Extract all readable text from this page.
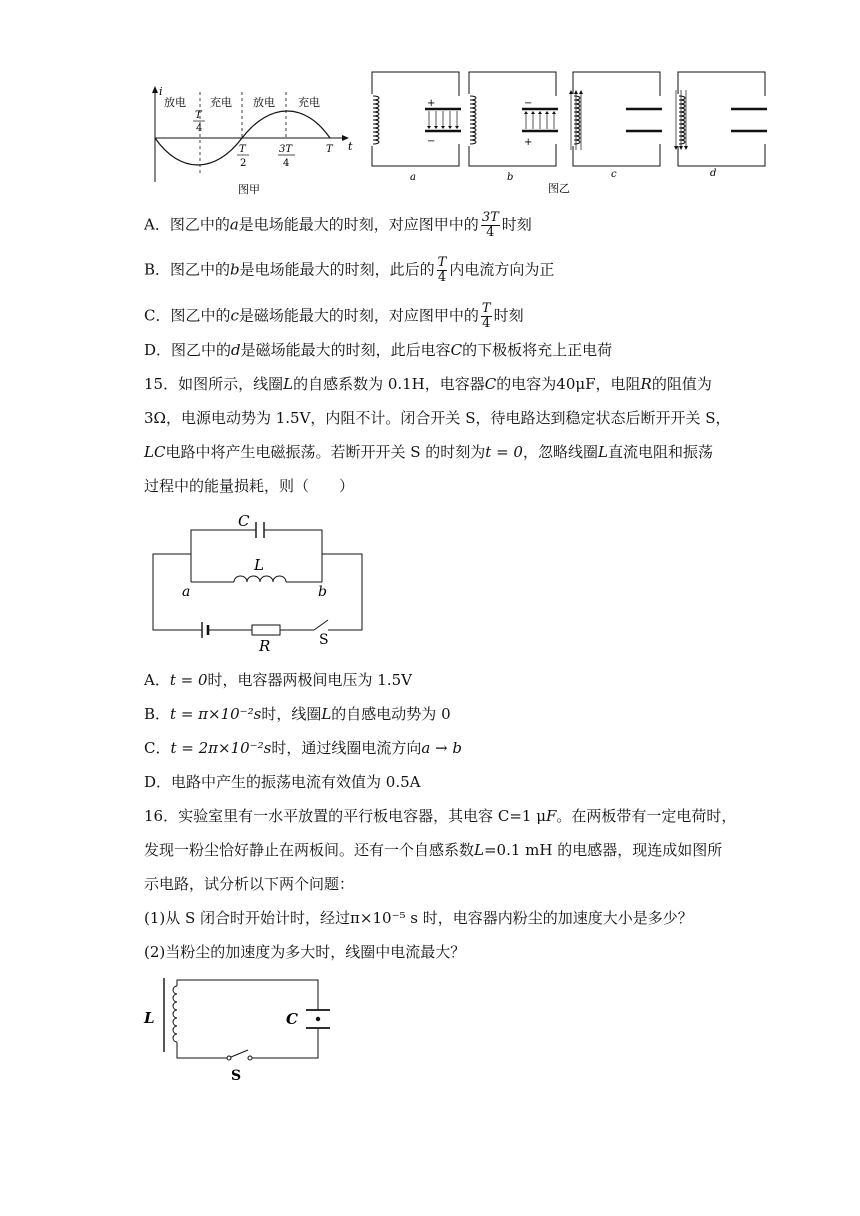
i
t
放电 充电 放电 充电
T
4
T
2
3T
4
T
图甲
+
−
a
−
+
b	c	d
图乙
A．图乙中的a是电场能最大的时刻，对应图甲中的 $\frac{3T}{4}$ 时刻
B．图乙中的b是电场能最大的时刻，此后的 $\frac{T}{4}$ 内电流方向为正
C．图乙中的c是磁场能最大的时刻，对应图甲中的 $\frac{T}{4}$ 时刻
D．图乙中的d是磁场能最大的时刻，此后电容C的下极板将充上正电荷
15．如图所示，线圈L的自感系数为 0.1H，电容器C的电容为40μF，电阻R的阻值为
3Ω，电源电动势为 1.5V，内阻不计。闭合开关 S，待电路达到稳定状态后断开开关 S，
LC电路中将产生电磁振荡。若断开开关 S 的时刻为t = 0，忽略线圈L直流电阻和振荡
过程中的能量损耗，则（　　）
C
L
a	b
R	S
A．t = 0时，电容器两极间电压为 1.5V
B．t = π×10⁻²s时，线圈L的自感电动势为 0
C．t = 2π×10⁻²s时，通过线圈电流方向a → b
D．电路中产生的振荡电流有效值为 0.5A
16．实验室里有一水平放置的平行板电容器，其电容 C=1 μF。在两板带有一定电荷时，
发现一粉尘恰好静止在两板间。还有一个自感系数L=0.1 mH 的电感器，现连成如图所
示电路，试分析以下两个问题：
(1)从 S 闭合时开始计时，经过π×10⁻⁵ s 时，电容器内粉尘的加速度大小是多少？
(2)当粉尘的加速度为多大时，线圈中电流最大？
L	C
S
